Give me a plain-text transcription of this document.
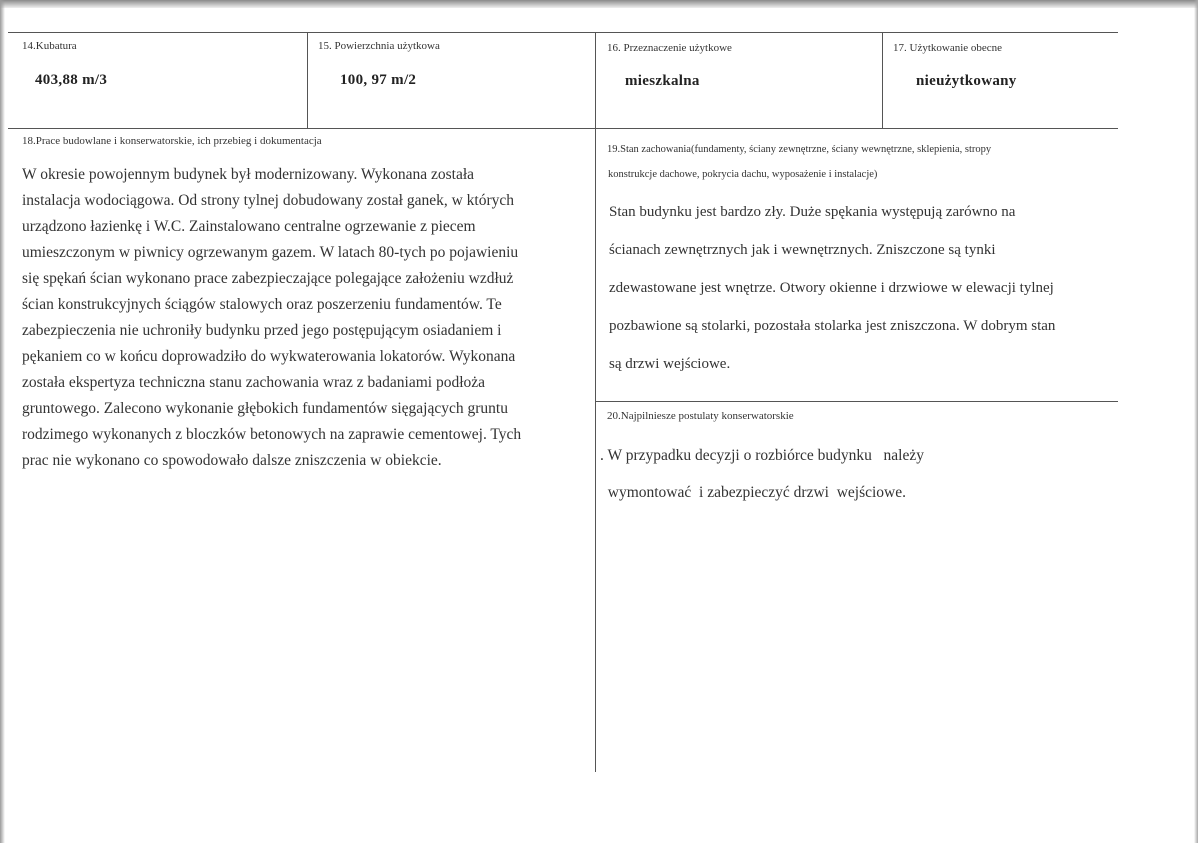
14.Kubatura
403,88 m/3
15. Powierzchnia użytkowa
100, 97 m/2
16. Przeznaczenie użytkowe
mieszkalna
17. Użytkowanie obecne
nieużytkowany
18.Prace budowlane i konserwatorskie, ich przebieg i dokumentacja
W okresie powojennym budynek był modernizowany. Wykonana została
instalacja wodociągowa. Od strony tylnej dobudowany został ganek, w których
urządzono łazienkę i W.C. Zainstalowano centralne ogrzewanie z piecem
umieszczonym w piwnicy ogrzewanym gazem. W latach 80-tych po pojawieniu
się spękań ścian wykonano prace zabezpieczające polegające założeniu wzdłuż
ścian konstrukcyjnych ściągów stalowych oraz poszerzeniu fundamentów. Te
zabezpieczenia nie uchroniły budynku przed jego postępującym osiadaniem i
pękaniem co w końcu doprowadziło do wykwaterowania lokatorów. Wykonana
została ekspertyza techniczna stanu zachowania wraz z badaniami podłoża
gruntowego. Zalecono wykonanie głębokich fundamentów sięgających gruntu
rodzimego wykonanych z bloczków betonowych na zaprawie cementowej. Tych
prac nie wykonano co spowodowało dalsze zniszczenia w obiekcie.
19.Stan zachowania(fundamenty, ściany zewnętrzne, ściany wewnętrzne, sklepienia, stropy
konstrukcje dachowe, pokrycia dachu, wyposażenie i instalacje)
Stan budynku jest bardzo zły. Duże spękania występują zarówno na
ścianach zewnętrznych jak i wewnętrznych. Zniszczone są tynki
zdewastowane jest wnętrze. Otwory okienne i drzwiowe w elewacji tylnej
pozbawione są stolarki, pozostała stolarka jest zniszczona. W dobrym stan
są drzwi wejściowe.
20.Najpilniesze postulaty konserwatorskie
. W przypadku decyzji o rozbiórce budynku   należy
wymontować  i zabezpieczyć drzwi  wejściowe.
